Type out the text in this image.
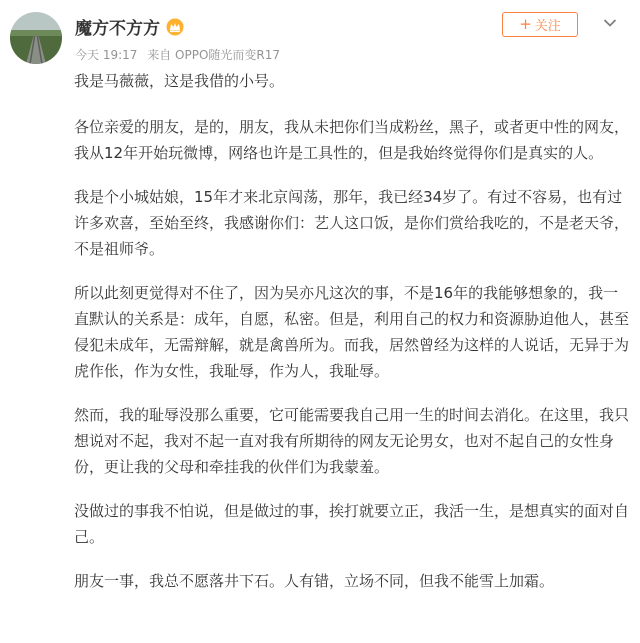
魔方不方方
今天 19:17 来自 OPPO随光而变R17
+ 关注

我是马薇薇，这是我借的小号。

各位亲爱的朋友，是的，朋友，我从未把你们当成粉丝，黑子，或者更中性的网友，我从12年开始玩微博，网络也许是工具性的，但是我始终觉得你们是真实的人。

我是个小城姑娘，15年才来北京闯荡，那年，我已经34岁了。有过不容易，也有过许多欢喜，至始至终，我感谢你们：艺人这口饭，是你们赏给我吃的，不是老天爷，不是祖师爷。

所以此刻更觉得对不住了，因为吴亦凡这次的事，不是16年的我能够想象的，我一直默认的关系是：成年，自愿，私密。但是，利用自己的权力和资源胁迫他人，甚至侵犯未成年，无需辩解，就是禽兽所为。而我，居然曾经为这样的人说话，无异于为虎作伥，作为女性，我耻辱，作为人，我耻辱。

然而，我的耻辱没那么重要，它可能需要我自己用一生的时间去消化。在这里，我只想说对不起，我对不起一直对我有所期待的网友无论男女，也对不起自己的女性身份，更让我的父母和牵挂我的伙伴们为我蒙羞。

没做过的事我不怕说，但是做过的事，挨打就要立正，我活一生，是想真实的面对自己。

朋友一事，我总不愿落井下石。人有错，立场不同，但我不能雪上加霜。
